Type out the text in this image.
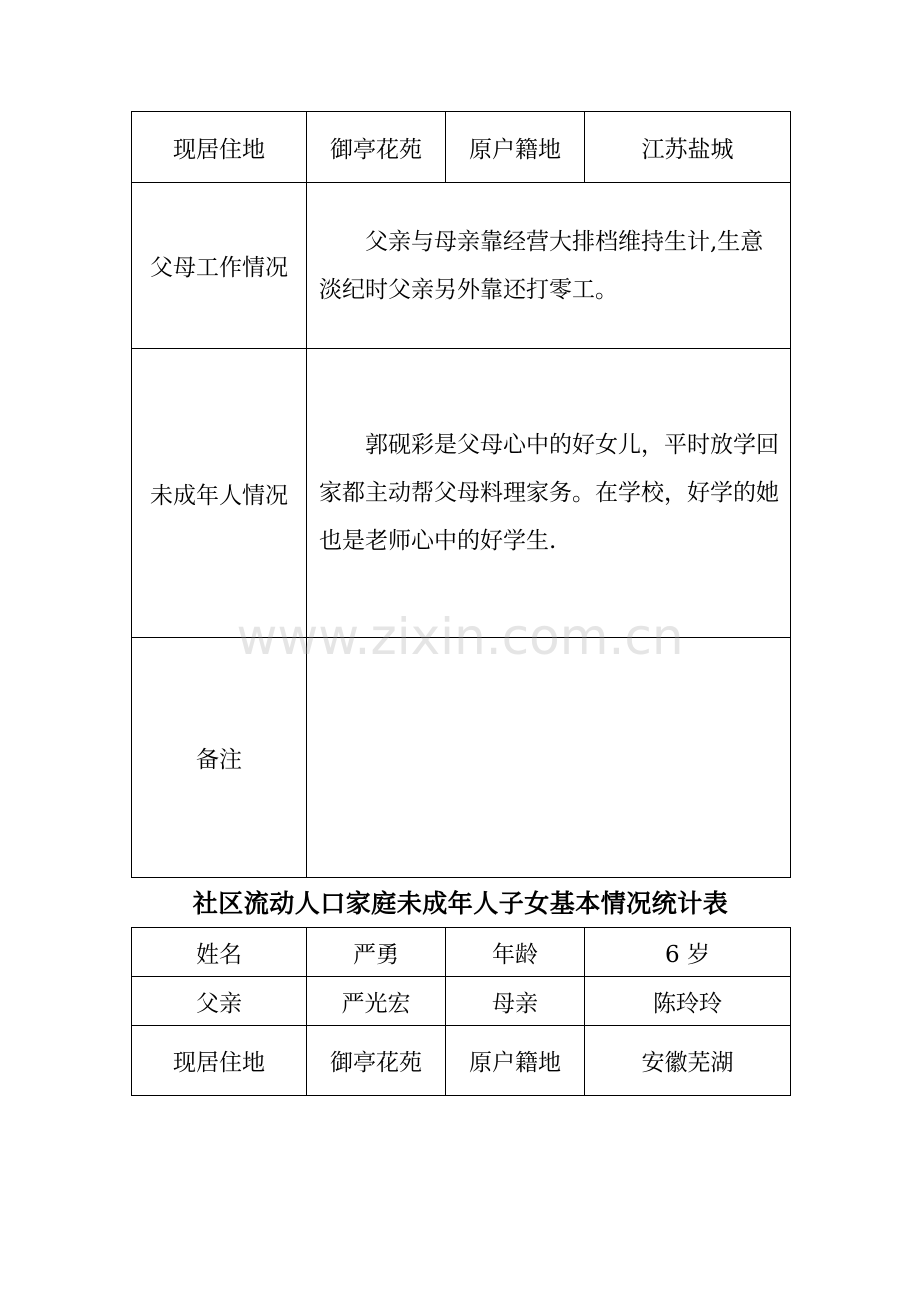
现居住地	御亭花苑	原户籍地	江苏盐城
父母工作情况	父亲与母亲靠经营大排档维持生计,生意淡纪时父亲另外靠还打零工。		
未成年人情况	郭砚彩是父母心中的好女儿，平时放学回家都主动帮父母料理家务。在学校，好学的她也是老师心中的好学生.		
备注			
社区流动人口家庭未成年人子女基本情况统计表
姓名	严勇	年龄	6 岁
父亲	严光宏	母亲	陈玲玲
现居住地	御亭花苑	原户籍地	安徽芜湖
www.zixin.com.cn
